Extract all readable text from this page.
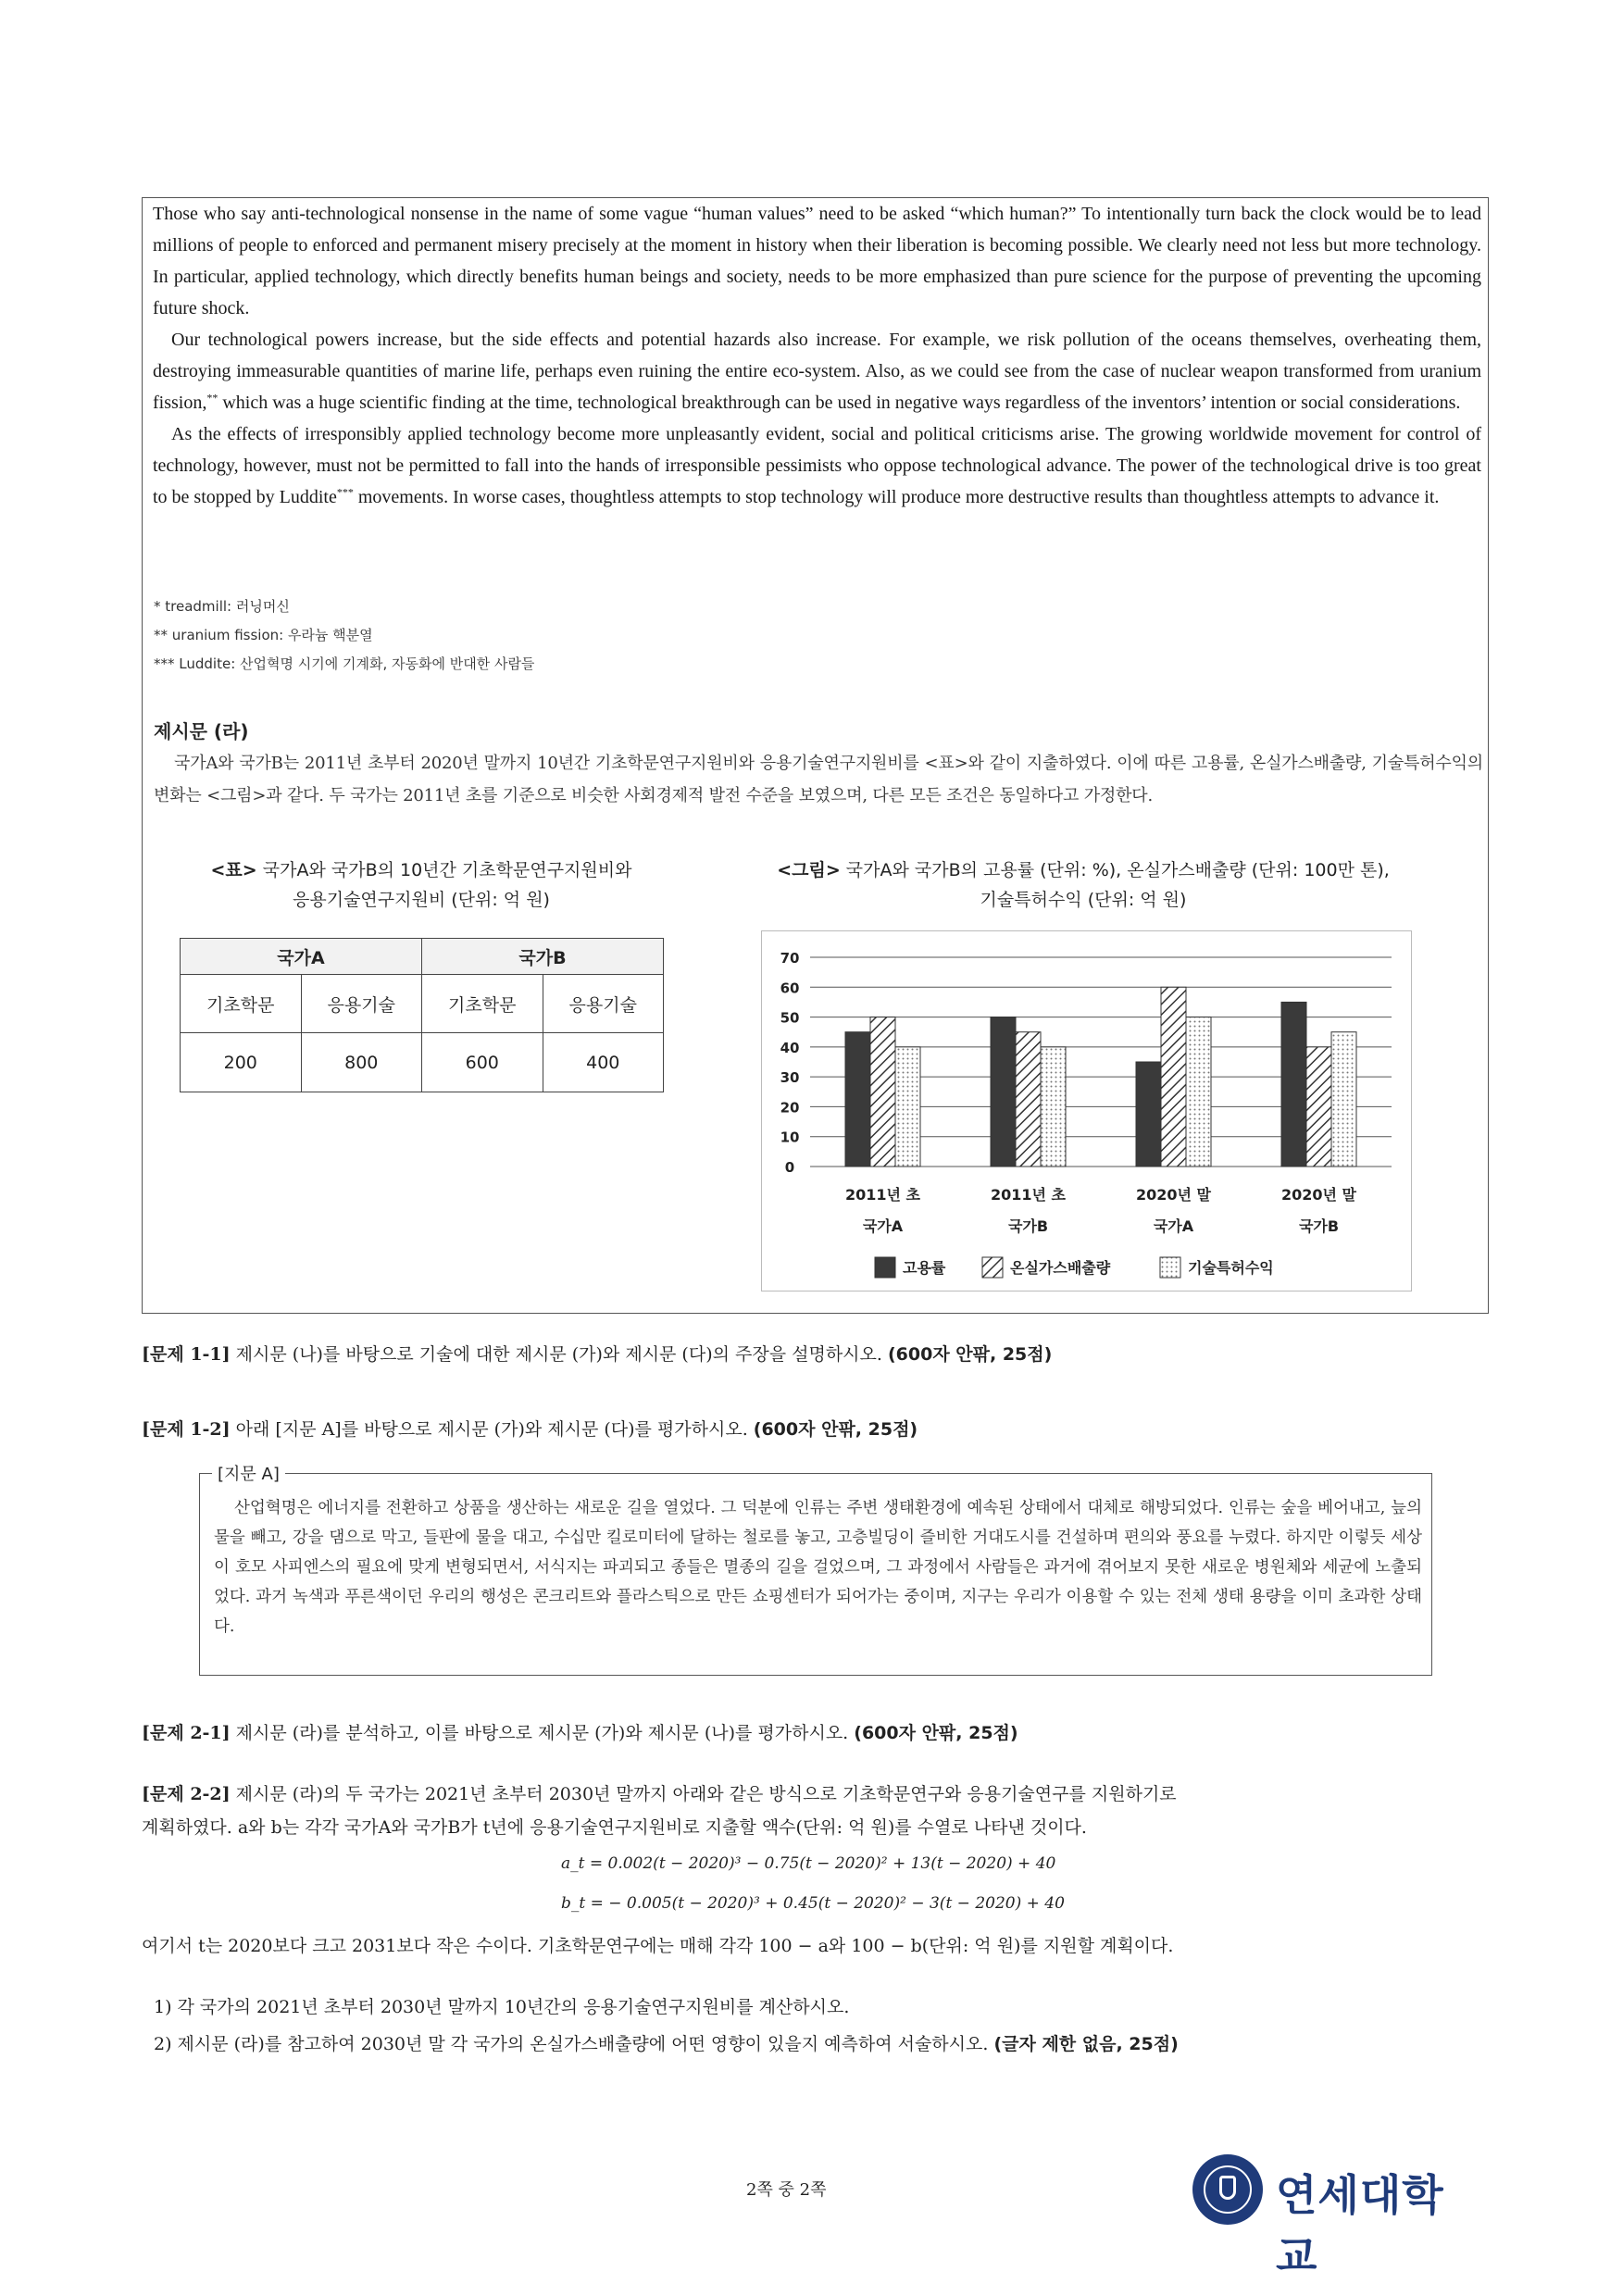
Those who say anti-technological nonsense in the name of some vague “human values” need to be asked “which human?” To intentionally turn back the clock would be to lead millions of people to enforced and permanent misery precisely at the moment in history when their liberation is becoming possible. We clearly need not less but more technology. In particular, applied technology, which directly benefits human beings and society, needs to be more emphasized than pure science for the purpose of preventing the upcoming future shock.

Our technological powers increase, but the side effects and potential hazards also increase. For example, we risk pollution of the oceans themselves, overheating them, destroying immeasurable quantities of marine life, perhaps even ruining the entire eco-system. Also, as we could see from the case of nuclear weapon transformed from uranium fission,** which was a huge scientific finding at the time, technological breakthrough can be used in negative ways regardless of the inventors’ intention or social considerations.

As the effects of irresponsibly applied technology become more unpleasantly evident, social and political criticisms arise. The growing worldwide movement for control of technology, however, must not be permitted to fall into the hands of irresponsible pessimists who oppose technological advance. The power of the technological drive is too great to be stopped by Luddite*** movements. In worse cases, thoughtless attempts to stop technology will produce more destructive results than thoughtless attempts to advance it.

* treadmill: 러닝머신
** uranium fission: 우라늄 핵분열
*** Luddite: 산업혁명 시기에 기계화, 자동화에 반대한 사람들
제시문 (라)
국가A와 국가B는 2011년 초부터 2020년 말까지 10년간 기초학문연구지원비와 응용기술연구지원비를 <표>와 같이 지출하였다. 이에 따른 고용률, 온실가스배출량, 기술특허수익의 변화는 <그림>과 같다. 두 국가는 2011년 초를 기준으로 비슷한 사회경제적 발전 수준을 보였으며, 다른 모든 조건은 동일하다고 가정한다.
<표> 국가A와 국가B의 10년간 기초학문연구지원비와
응용기술연구지원비 (단위: 억 원)
국가A		국가B	
기초학문	응용기술	기초학문	응용기술
200	800	600	400
<그림> 국가A와 국가B의 고용률 (단위: %), 온실가스배출량 (단위: 100만 톤),
기술특허수익 (단위: 억 원)
0
10
20
30
40
50
60
70
2011년 초
국가A
2011년 초
국가B
2020년 말
국가A
2020년 말
국가B
고용률	온실가스배출량	기술특허수익
[문제 1-1] 제시문 (나)를 바탕으로 기술에 대한 제시문 (가)와 제시문 (다)의 주장을 설명하시오. (600자 안팎, 25점)
[문제 1-2] 아래 [지문 A]를 바탕으로 제시문 (가)와 제시문 (다)를 평가하시오. (600자 안팎, 25점)
[지문 A]
산업혁명은 에너지를 전환하고 상품을 생산하는 새로운 길을 열었다. 그 덕분에 인류는 주변 생태환경에 예속된 상태에서 대체로 해방되었다. 인류는 숲을 베어내고, 늪의 물을 빼고, 강을 댐으로 막고, 들판에 물을 대고, 수십만 킬로미터에 달하는 철로를 놓고, 고층빌딩이 즐비한 거대도시를 건설하며 편의와 풍요를 누렸다. 하지만 이렇듯 세상이 호모 사피엔스의 필요에 맞게 변형되면서, 서식지는 파괴되고 종들은 멸종의 길을 걸었으며, 그 과정에서 사람들은 과거에 겪어보지 못한 새로운 병원체와 세균에 노출되었다. 과거 녹색과 푸른색이던 우리의 행성은 콘크리트와 플라스틱으로 만든 쇼핑센터가 되어가는 중이며, 지구는 우리가 이용할 수 있는 전체 생태 용량을 이미 초과한 상태다.
[문제 2-1] 제시문 (라)를 분석하고, 이를 바탕으로 제시문 (가)와 제시문 (나)를 평가하시오. (600자 안팎, 25점)
[문제 2-2] 제시문 (라)의 두 국가는 2021년 초부터 2030년 말까지 아래와 같은 방식으로 기초학문연구와 응용기술연구를 지원하기로
계획하였다. a와 b는 각각 국가A와 국가B가 t년에 응용기술연구지원비로 지출할 액수(단위: 억 원)를 수열로 나타낸 것이다.
a_t = 0.002(t − 2020)³ − 0.75(t − 2020)² + 13(t − 2020) + 40
b_t = − 0.005(t − 2020)³ + 0.45(t − 2020)² − 3(t − 2020) + 40
여기서 t는 2020보다 크고 2031보다 작은 수이다. 기초학문연구에는 매해 각각 100 − a와 100 − b(단위: 억 원)를 지원할 계획이다.
1) 각 국가의 2021년 초부터 2030년 말까지 10년간의 응용기술연구지원비를 계산하시오.
2) 제시문 (라)를 참고하여 2030년 말 각 국가의 온실가스배출량에 어떤 영향이 있을지 예측하여 서술하시오. (글자 제한 없음, 25점)
2쪽 중 2쪽	연세대학교
